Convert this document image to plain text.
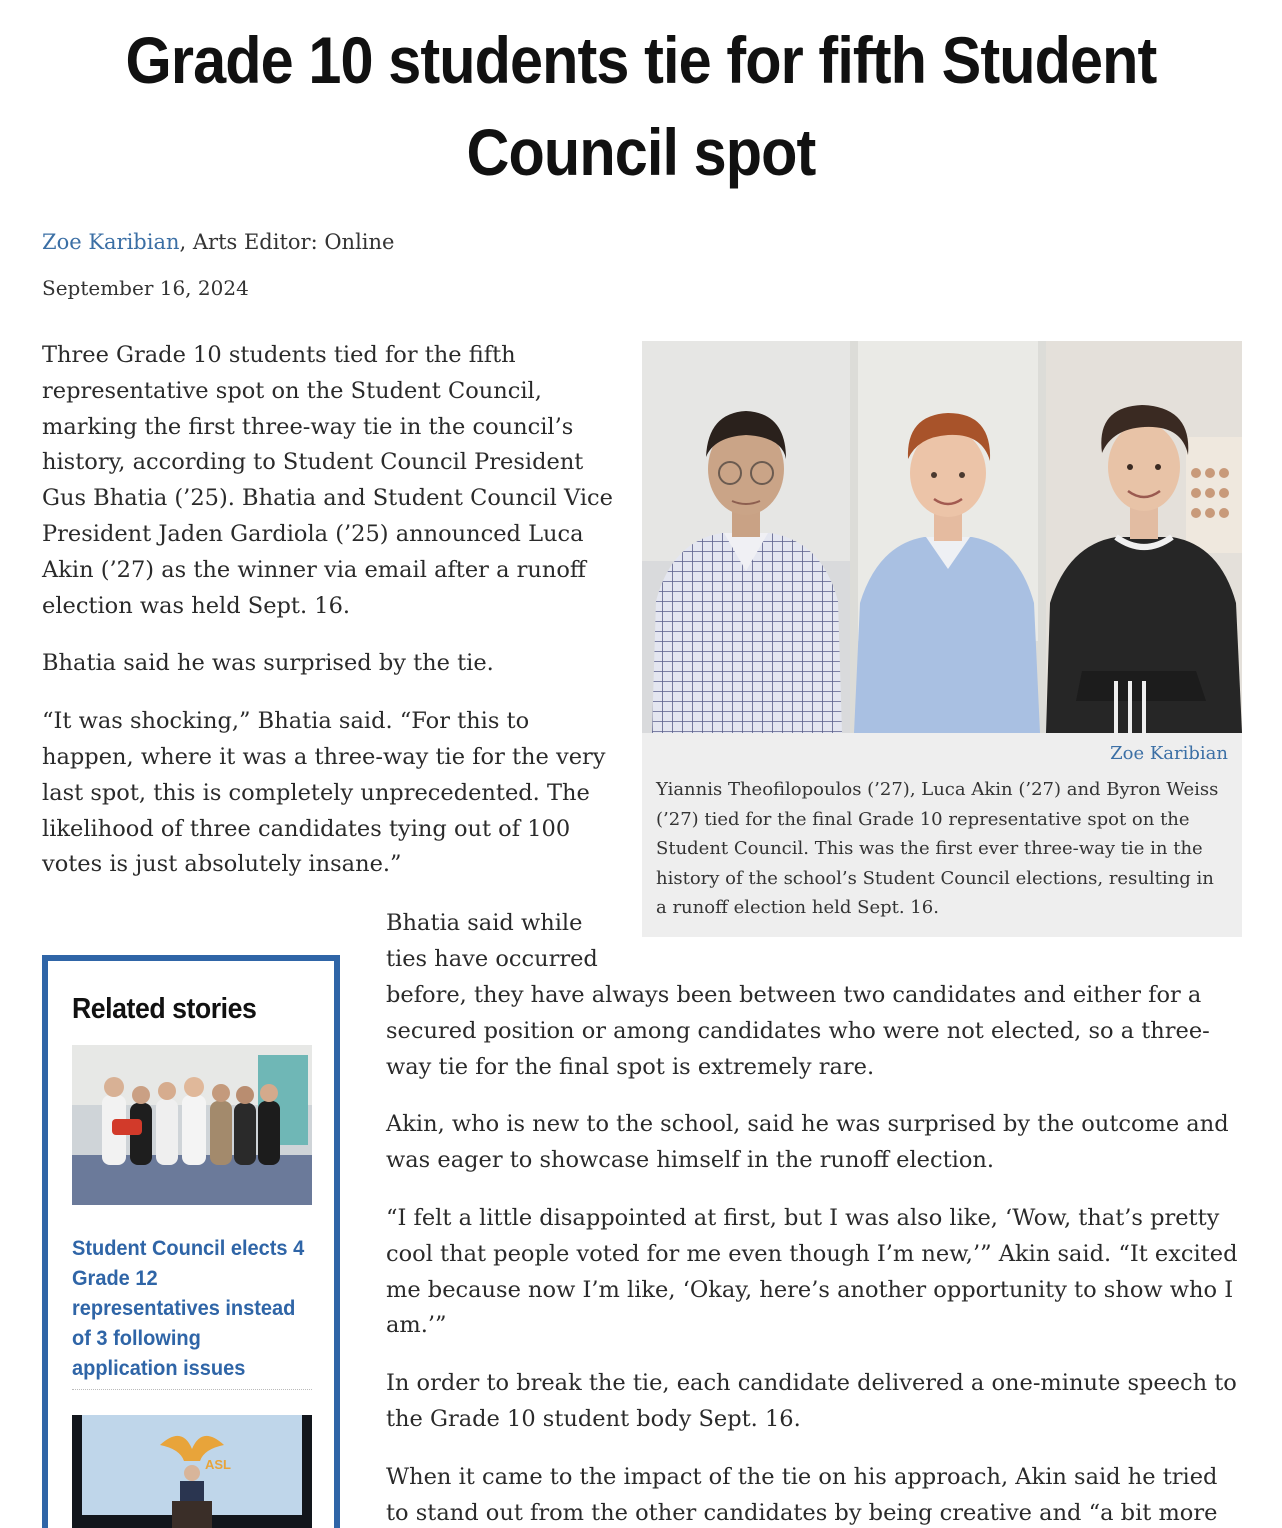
Grade 10 students tie for fifth Student Council spot
Zoe Karibian, Arts Editor: Online
September 16, 2024

Three Grade 10 students tied for the fifth representative spot on the Student Council, marking the first three-way tie in the council’s history, according to Student Council President Gus Bhatia (’25). Bhatia and Student Council Vice President Jaden Gardiola (’25) announced Luca Akin (’27) as the winner via email after a runoff election was held Sept. 16.

Bhatia said he was surprised by the tie.

“It was shocking,” Bhatia said. “For this to happen, where it was a three-way tie for the very last spot, this is completely unprecedented. The likelihood of three candidates tying out of 100 votes is just absolutely insane.”

Bhatia said while ties have occurred

before, they have always been between two candidates and either for a secured position or among candidates who were not elected, so a three-way tie for the final spot is extremely rare.

Akin, who is new to the school, said he was surprised by the outcome and was eager to showcase himself in the runoff election.

“I felt a little disappointed at first, but I was also like, ‘Wow, that’s pretty cool that people voted for me even though I’m new,’” Akin said. “It excited me because now I’m like, ‘Okay, here’s another opportunity to show who I am.’”

In order to break the tie, each candidate delivered a one-minute speech to the Grade 10 student body Sept. 16.

When it came to the impact of the tie on his approach, Akin said he tried to stand out from the other candidates by being creative and “a bit more

Zoe Karibian
Yiannis Theofilopoulos (’27), Luca Akin (’27) and Byron Weiss (’27) tied for the final Grade 10 representative spot on the Student Council. This was the first ever three-way tie in the history of the school’s Student Council elections, resulting in a runoff election held Sept. 16.
Related stories
Student Council elects 4 Grade 12 representatives instead of 3 following application issues
ASL
